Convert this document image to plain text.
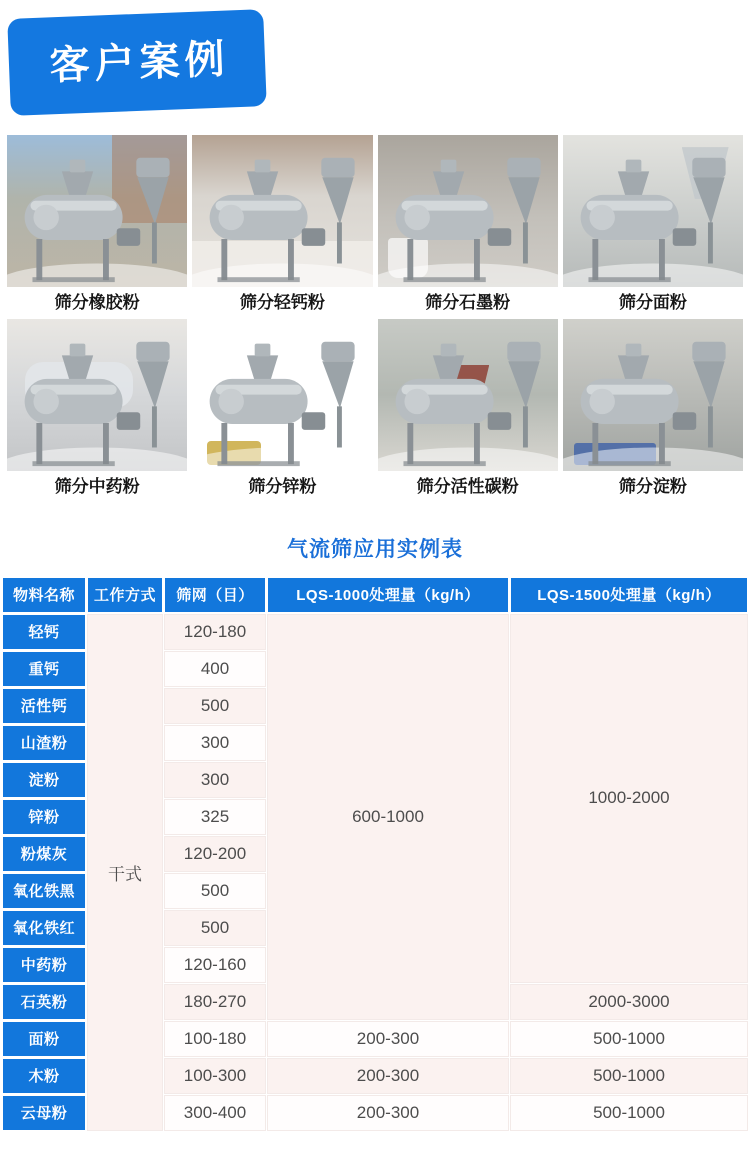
客户案例
筛分橡胶粉	筛分轻钙粉	筛分石墨粉	筛分面粉
筛分中药粉	筛分锌粉	筛分活性碳粉	筛分淀粉
气流筛应用实例表
物料名称	工作方式	筛网（目）	LQS-1000处理量（kg/h）	LQS-1500处理量（kg/h）
轻钙	干式	120-180	600-1000	1000-2000
重钙		400		
活性钙		500		
山渣粉		300		
淀粉		300		
锌粉		325		
粉煤灰		120-200		
氧化铁黑		500		
氧化铁红		500		
中药粉		120-160		
石英粉		180-270		2000-3000
面粉		100-180	200-300	500-1000
木粉		100-300	200-300	500-1000
云母粉		300-400	200-300	500-1000
